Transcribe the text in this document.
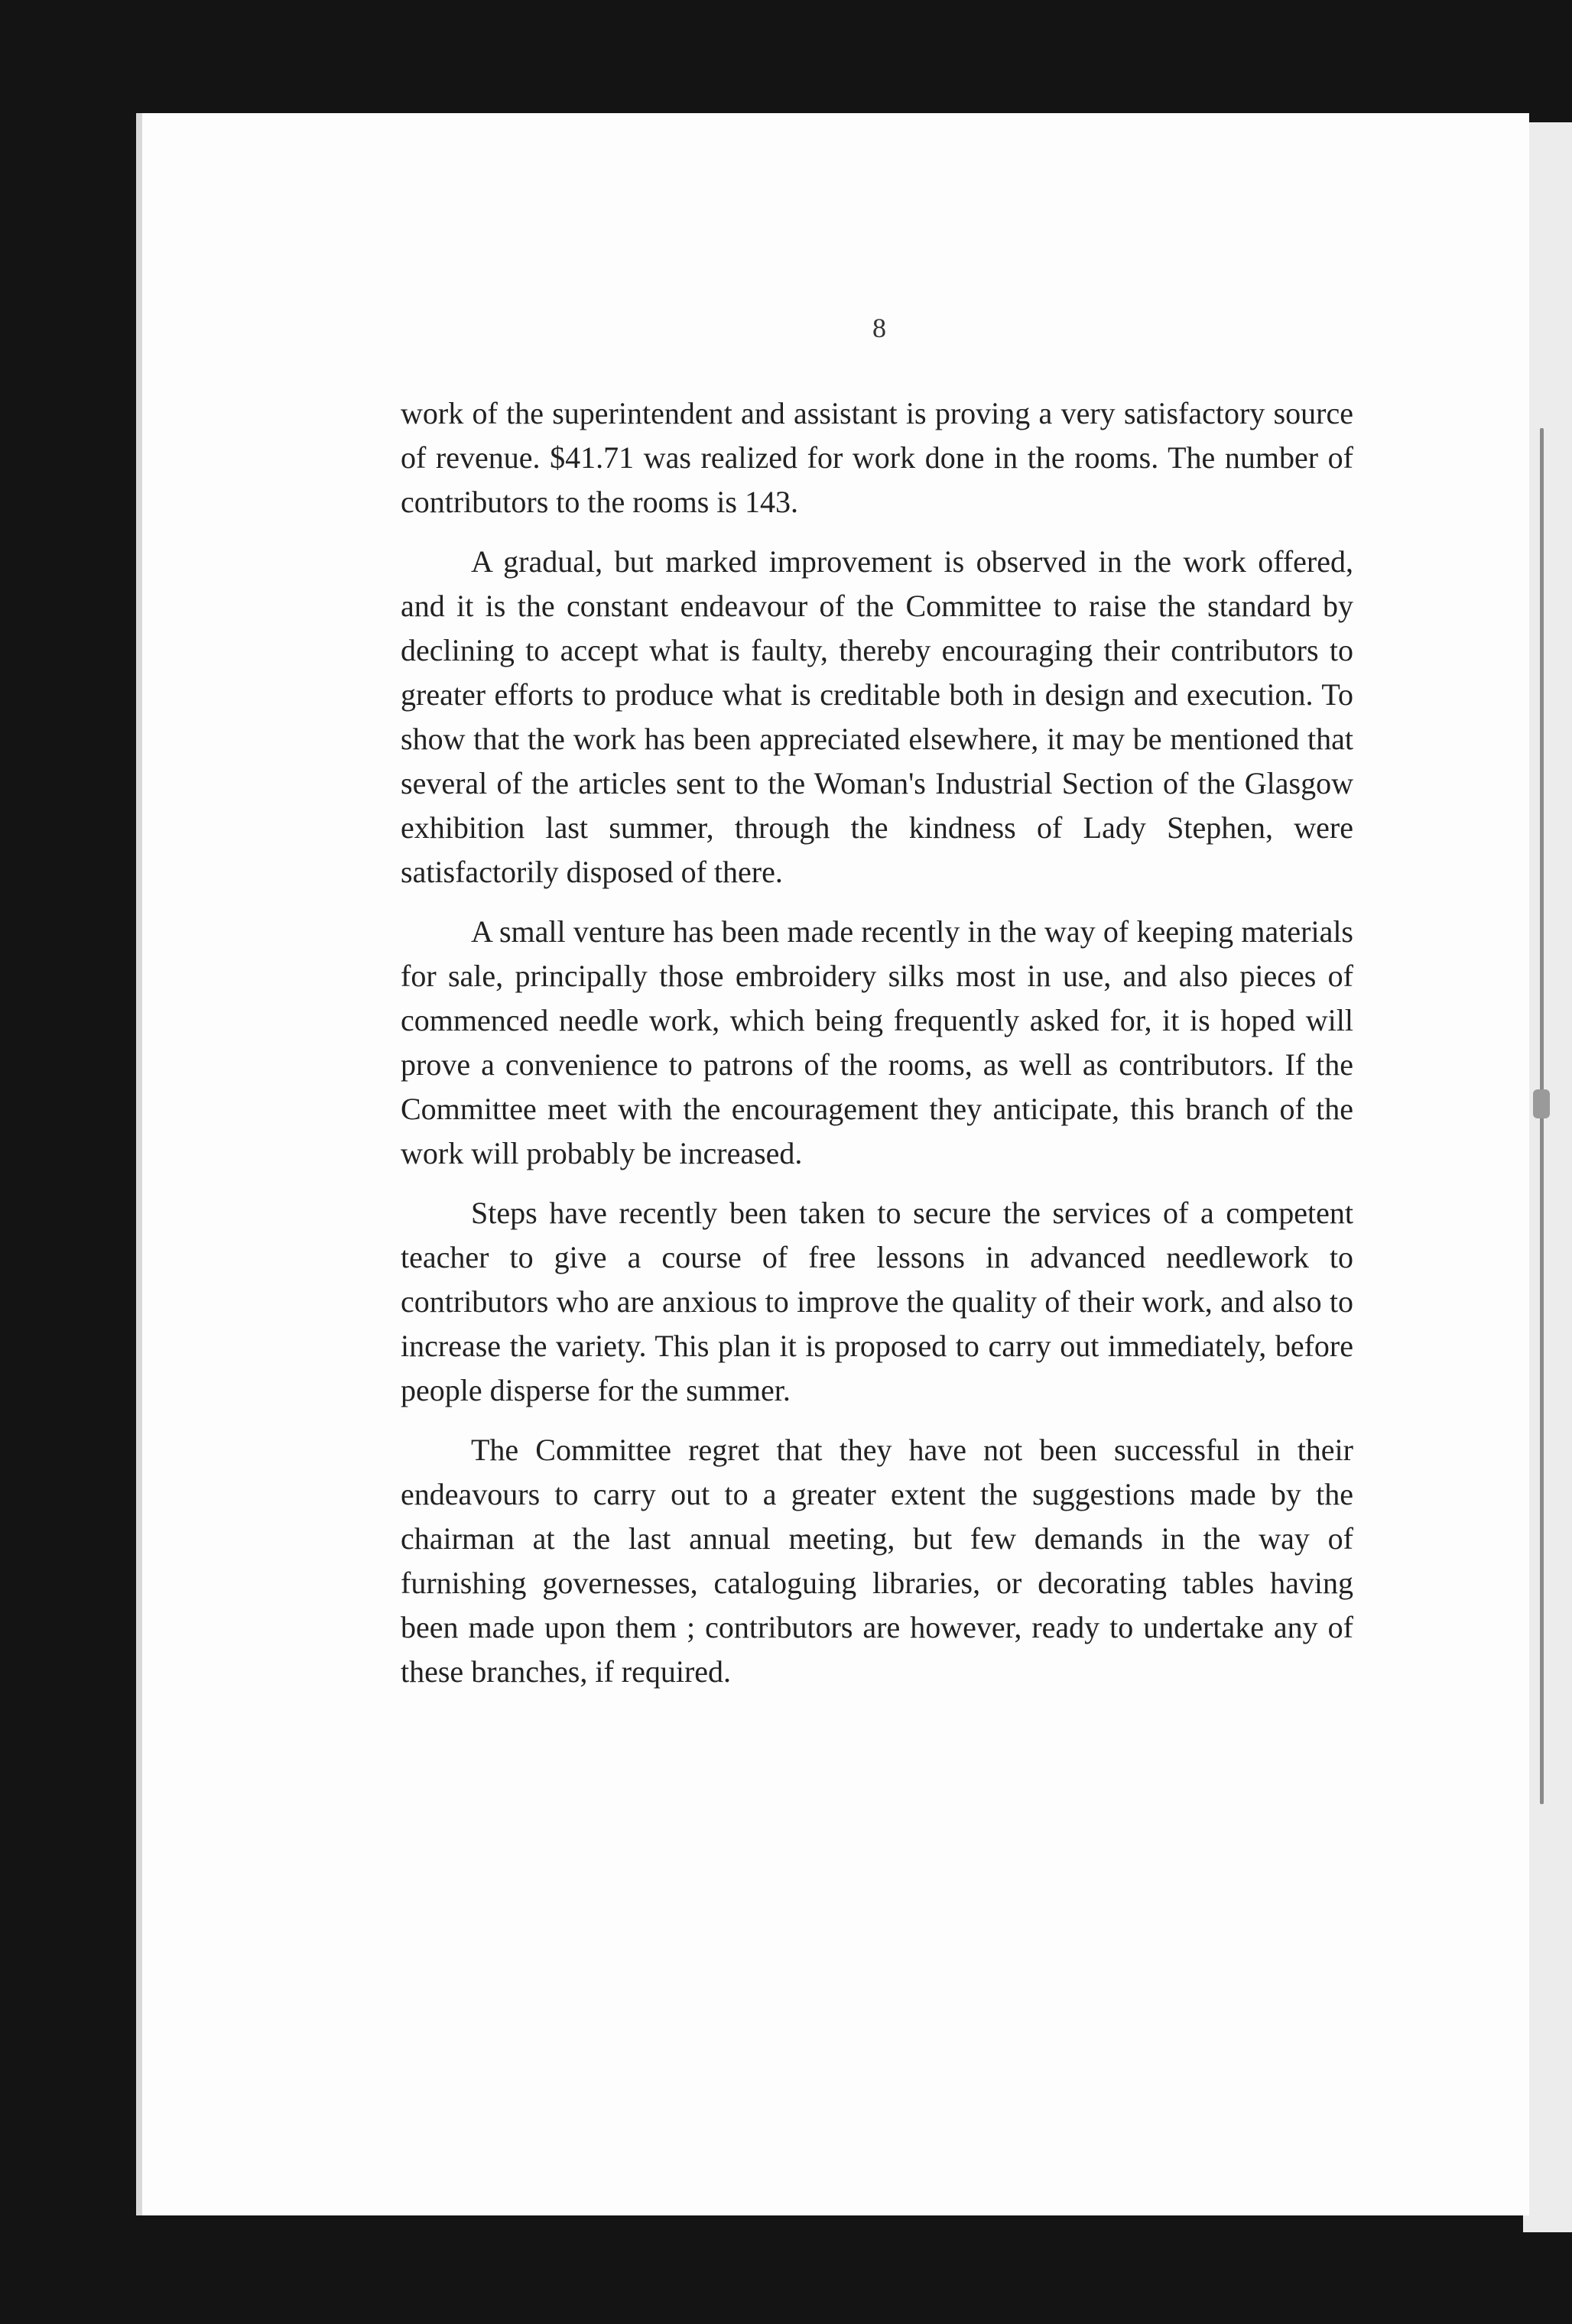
8

work of the superintendent and assistant is proving a very satisfactory source of revenue. $41.71 was realized for work done in the rooms. The number of contributors to the rooms is 143.

A gradual, but marked improvement is observed in the work offered, and it is the constant endeavour of the Committee to raise the standard by declining to accept what is faulty, thereby encouraging their contributors to greater efforts to produce what is creditable both in design and execution. To show that the work has been appreciated elsewhere, it may be mentioned that several of the articles sent to the Woman's Industrial Section of the Glasgow exhibition last summer, through the kindness of Lady Stephen, were satisfactorily disposed of there.

A small venture has been made recently in the way of keeping materials for sale, principally those embroidery silks most in use, and also pieces of commenced needle work, which being frequently asked for, it is hoped will prove a convenience to patrons of the rooms, as well as contributors. If the Committee meet with the encouragement they anticipate, this branch of the work will probably be increased.

Steps have recently been taken to secure the services of a competent teacher to give a course of free lessons in advanced needlework to contributors who are anxious to improve the quality of their work, and also to increase the variety. This plan it is proposed to carry out immediately, before people disperse for the summer.

The Committee regret that they have not been successful in their endeavours to carry out to a greater extent the suggestions made by the chairman at the last annual meeting, but few demands in the way of furnishing governesses, cataloguing libraries, or decorating tables having been made upon them ; contributors are however, ready to undertake any of these branches, if required.
